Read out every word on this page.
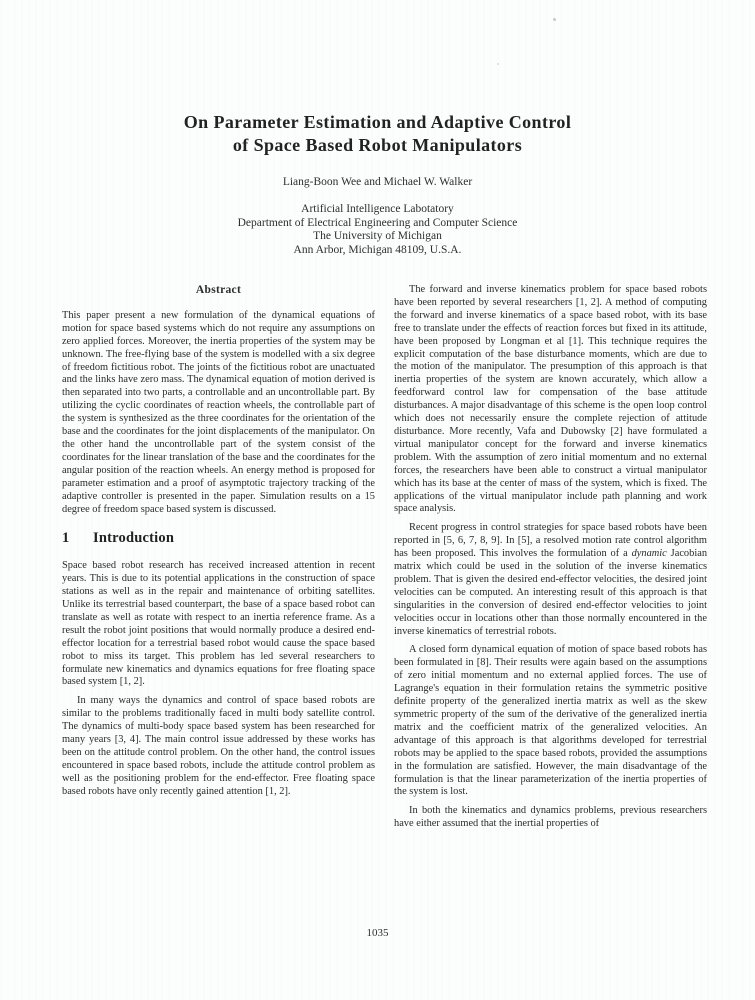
On Parameter Estimation and Adaptive Control
of Space Based Robot Manipulators
Liang-Boon Wee and Michael W. Walker
Artificial Intelligence Labotatory
Department of Electrical Engineering and Computer Science
The University of Michigan
Ann Arbor, Michigan 48109, U.S.A.
Abstract

This paper present a new formulation of the dynamical equations of motion for space based systems which do not require any assumptions on zero applied forces. Moreover, the inertia properties of the system may be unknown. The free-flying base of the system is modelled with a six degree of freedom fictitious robot. The joints of the fictitious robot are unactuated and the links have zero mass. The dynamical equation of motion derived is then separated into two parts, a controllable and an uncontrollable part. By utilizing the cyclic coordinates of reaction wheels, the controllable part of the system is synthesized as the three coordinates for the orientation of the base and the coordinates for the joint displacements of the manipulator. On the other hand the uncontrollable part of the system consist of the coordinates for the linear translation of the base and the coordinates for the angular position of the reaction wheels. An energy method is proposed for parameter estimation and a proof of asymptotic trajectory tracking of the adaptive controller is presented in the paper. Simulation results on a 15 degree of freedom space based system is discussed.

1 Introduction

Space based robot research has received increased attention in recent years. This is due to its potential applications in the construction of space stations as well as in the repair and maintenance of orbiting satellites. Unlike its terrestrial based counterpart, the base of a space based robot can translate as well as rotate with respect to an inertia reference frame. As a result the robot joint positions that would normally produce a desired end-effector location for a terrestrial based robot would cause the space based robot to miss its target. This problem has led several researchers to formulate new kinematics and dynamics equations for free floating space based system [1, 2].

In many ways the dynamics and control of space based robots are similar to the problems traditionally faced in multi body satellite control. The dynamics of multi-body space based system has been researched for many years [3, 4]. The main control issue addressed by these works has been on the attitude control problem. On the other hand, the control issues encountered in space based robots, include the attitude control problem as well as the positioning problem for the end-effector. Free floating space based robots have only recently gained attention [1, 2].

The forward and inverse kinematics problem for space based robots have been reported by several researchers [1, 2]. A method of computing the forward and inverse kinematics of a space based robot, with its base free to translate under the effects of reaction forces but fixed in its attitude, have been proposed by Longman et al [1]. This technique requires the explicit computation of the base disturbance moments, which are due to the motion of the manipulator. The presumption of this approach is that inertia properties of the system are known accurately, which allow a feedforward control law for compensation of the base attitude disturbances. A major disadvantage of this scheme is the open loop control which does not necessarily ensure the complete rejection of attitude disturbance. More recently, Vafa and Dubowsky [2] have formulated a virtual manipulator concept for the forward and inverse kinematics problem. With the assumption of zero initial momentum and no external forces, the researchers have been able to construct a virtual manipulator which has its base at the center of mass of the system, which is fixed. The applications of the virtual manipulator include path planning and work space analysis.

Recent progress in control strategies for space based robots have been reported in [5, 6, 7, 8, 9]. In [5], a resolved motion rate control algorithm has been proposed. This involves the formulation of a dynamic Jacobian matrix which could be used in the solution of the inverse kinematics problem. That is given the desired end-effector velocities, the desired joint velocities can be computed. An interesting result of this approach is that singularities in the conversion of desired end-effector velocities to joint velocities occur in locations other than those normally encountered in the inverse kinematics of terrestrial robots.

A closed form dynamical equation of motion of space based robots has been formulated in [8]. Their results were again based on the assumptions of zero initial momentum and no external applied forces. The use of Lagrange's equation in their formulation retains the symmetric positive definite property of the generalized inertia matrix as well as the skew symmetric property of the sum of the derivative of the generalized inertia matrix and the coefficient matrix of the generalized velocities. An advantage of this approach is that algorithms developed for terrestrial robots may be applied to the space based robots, provided the assumptions in the formulation are satisfied. However, the main disadvantage of the formulation is that the linear parameterization of the inertia properties of the system is lost.

In both the kinematics and dynamics problems, previous researchers have either assumed that the inertial properties of

1035
